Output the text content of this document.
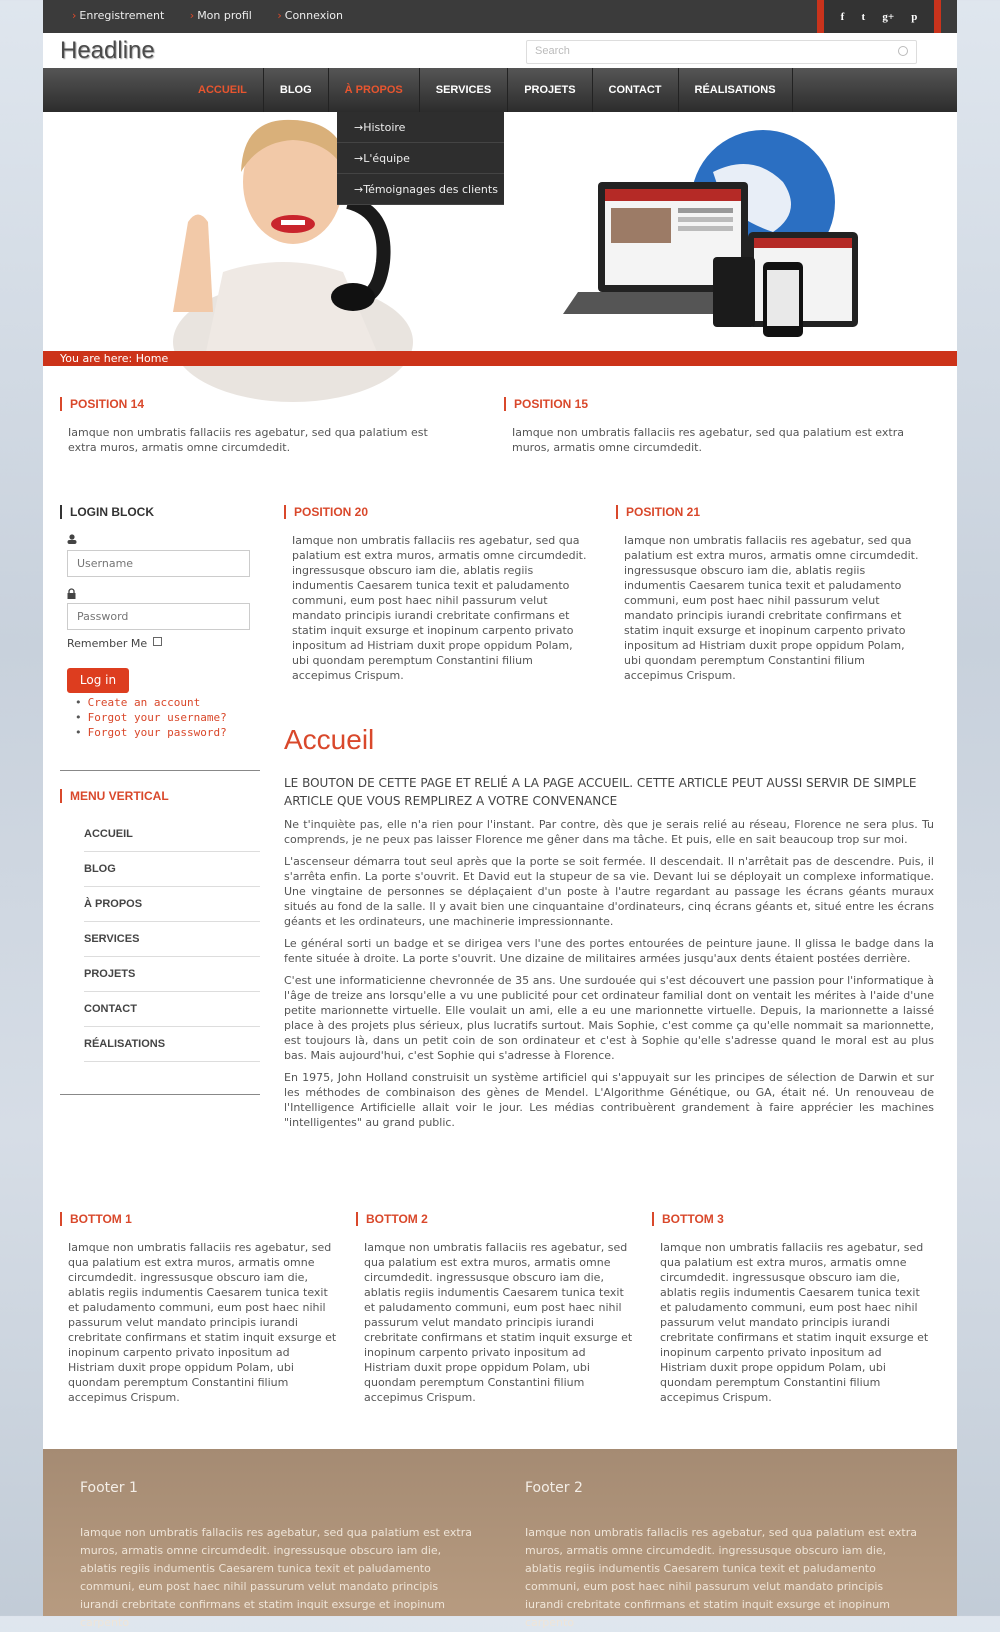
› Enregistrement › Mon profil › Connexion	f t g+ p
Headline	Search
ACCUEIL	BLOG	À PROPOS	SERVICES	PROJETS	CONTACT	RÉALISATIONS
→Histoire
→L'équipe
→Témoignages des clients
You are here: Home
POSITION 14
Iamque non umbratis fallaciis res agebatur, sed qua palatium est extra muros, armatis omne circumdedit.
POSITION 15
Iamque non umbratis fallaciis res agebatur, sed qua palatium est extra muros, armatis omne circumdedit.
LOGIN BLOCK
Username
Password
Remember Me
Log in
• Create an account
• Forgot your username?
• Forgot your password?
MENU VERTICAL
ACCUEIL
BLOG
À PROPOS
SERVICES
PROJETS
CONTACT
RÉALISATIONS
POSITION 20
Iamque non umbratis fallaciis res agebatur, sed qua palatium est extra muros, armatis omne circumdedit. ingressusque obscuro iam die, ablatis regiis indumentis Caesarem tunica texit et paludamento communi, eum post haec nihil passurum velut mandato principis iurandi crebritate confirmans et statim inquit exsurge et inopinum carpento privato inpositum ad Histriam duxit prope oppidum Polam, ubi quondam peremptum Constantini filium accepimus Crispum.
POSITION 21
Iamque non umbratis fallaciis res agebatur, sed qua palatium est extra muros, armatis omne circumdedit. ingressusque obscuro iam die, ablatis regiis indumentis Caesarem tunica texit et paludamento communi, eum post haec nihil passurum velut mandato principis iurandi crebritate confirmans et statim inquit exsurge et inopinum carpento privato inpositum ad Histriam duxit prope oppidum Polam, ubi quondam peremptum Constantini filium accepimus Crispum.
Accueil
LE BOUTON DE CETTE PAGE ET RELIÉ A LA PAGE ACCUEIL. CETTE ARTICLE PEUT AUSSI SERVIR DE SIMPLE ARTICLE QUE VOUS REMPLIREZ A VOTRE CONVENANCE

Ne t'inquiète pas, elle n'a rien pour l'instant. Par contre, dès que je serais relié au réseau, Florence ne sera plus. Tu comprends, je ne peux pas laisser Florence me gêner dans ma tâche. Et puis, elle en sait beaucoup trop sur moi.

L'ascenseur démarra tout seul après que la porte se soit fermée. Il descendait. Il n'arrêtait pas de descendre. Puis, il s'arrêta enfin. La porte s'ouvrit. Et David eut la stupeur de sa vie. Devant lui se déployait un complexe informatique. Une vingtaine de personnes se déplaçaient d'un poste à l'autre regardant au passage les écrans géants muraux situés au fond de la salle. Il y avait bien une cinquantaine d'ordinateurs, cinq écrans géants et, situé entre les écrans géants et les ordinateurs, une machinerie impressionnante.

Le général sorti un badge et se dirigea vers l'une des portes entourées de peinture jaune. Il glissa le badge dans la fente située à droite. La porte s'ouvrit. Une dizaine de militaires armées jusqu'aux dents étaient postées derrière.

C'est une informaticienne chevronnée de 35 ans. Une surdouée qui s'est découvert une passion pour l'informatique à l'âge de treize ans lorsqu'elle a vu une publicité pour cet ordinateur familial dont on ventait les mérites à l'aide d'une petite marionnette virtuelle. Elle voulait un ami, elle a eu une marionnette virtuelle. Depuis, la marionnette a laissé place à des projets plus sérieux, plus lucratifs surtout. Mais Sophie, c'est comme ça qu'elle nommait sa marionnette, est toujours là, dans un petit coin de son ordinateur et c'est à Sophie qu'elle s'adresse quand le moral est au plus bas. Mais aujourd'hui, c'est Sophie qui s'adresse à Florence.

En 1975, John Holland construisit un système artificiel qui s'appuyait sur les principes de sélection de Darwin et sur les méthodes de combinaison des gènes de Mendel. L'Algorithme Génétique, ou GA, était né. Un renouveau de l'Intelligence Artificielle allait voir le jour. Les médias contribuèrent grandement à faire apprécier les machines "intelligentes" au grand public.

BOTTOM 1
Iamque non umbratis fallaciis res agebatur, sed qua palatium est extra muros, armatis omne circumdedit. ingressusque obscuro iam die, ablatis regiis indumentis Caesarem tunica texit et paludamento communi, eum post haec nihil passurum velut mandato principis iurandi crebritate confirmans et statim inquit exsurge et inopinum carpento privato inpositum ad Histriam duxit prope oppidum Polam, ubi quondam peremptum Constantini filium accepimus Crispum.
BOTTOM 2
Iamque non umbratis fallaciis res agebatur, sed qua palatium est extra muros, armatis omne circumdedit. ingressusque obscuro iam die, ablatis regiis indumentis Caesarem tunica texit et paludamento communi, eum post haec nihil passurum velut mandato principis iurandi crebritate confirmans et statim inquit exsurge et inopinum carpento privato inpositum ad Histriam duxit prope oppidum Polam, ubi quondam peremptum Constantini filium accepimus Crispum.
BOTTOM 3
Iamque non umbratis fallaciis res agebatur, sed qua palatium est extra muros, armatis omne circumdedit. ingressusque obscuro iam die, ablatis regiis indumentis Caesarem tunica texit et paludamento communi, eum post haec nihil passurum velut mandato principis iurandi crebritate confirmans et statim inquit exsurge et inopinum carpento privato inpositum ad Histriam duxit prope oppidum Polam, ubi quondam peremptum Constantini filium accepimus Crispum.
Footer 1
Iamque non umbratis fallaciis res agebatur, sed qua palatium est extra muros, armatis omne circumdedit. ingressusque obscuro iam die, ablatis regiis indumentis Caesarem tunica texit et paludamento communi, eum post haec nihil passurum velut mandato principis iurandi crebritate confirmans et statim inquit exsurge et inopinum carpento
Footer 2
Iamque non umbratis fallaciis res agebatur, sed qua palatium est extra muros, armatis omne circumdedit. ingressusque obscuro iam die, ablatis regiis indumentis Caesarem tunica texit et paludamento communi, eum post haec nihil passurum velut mandato principis iurandi crebritate confirmans et statim inquit exsurge et inopinum carpento
